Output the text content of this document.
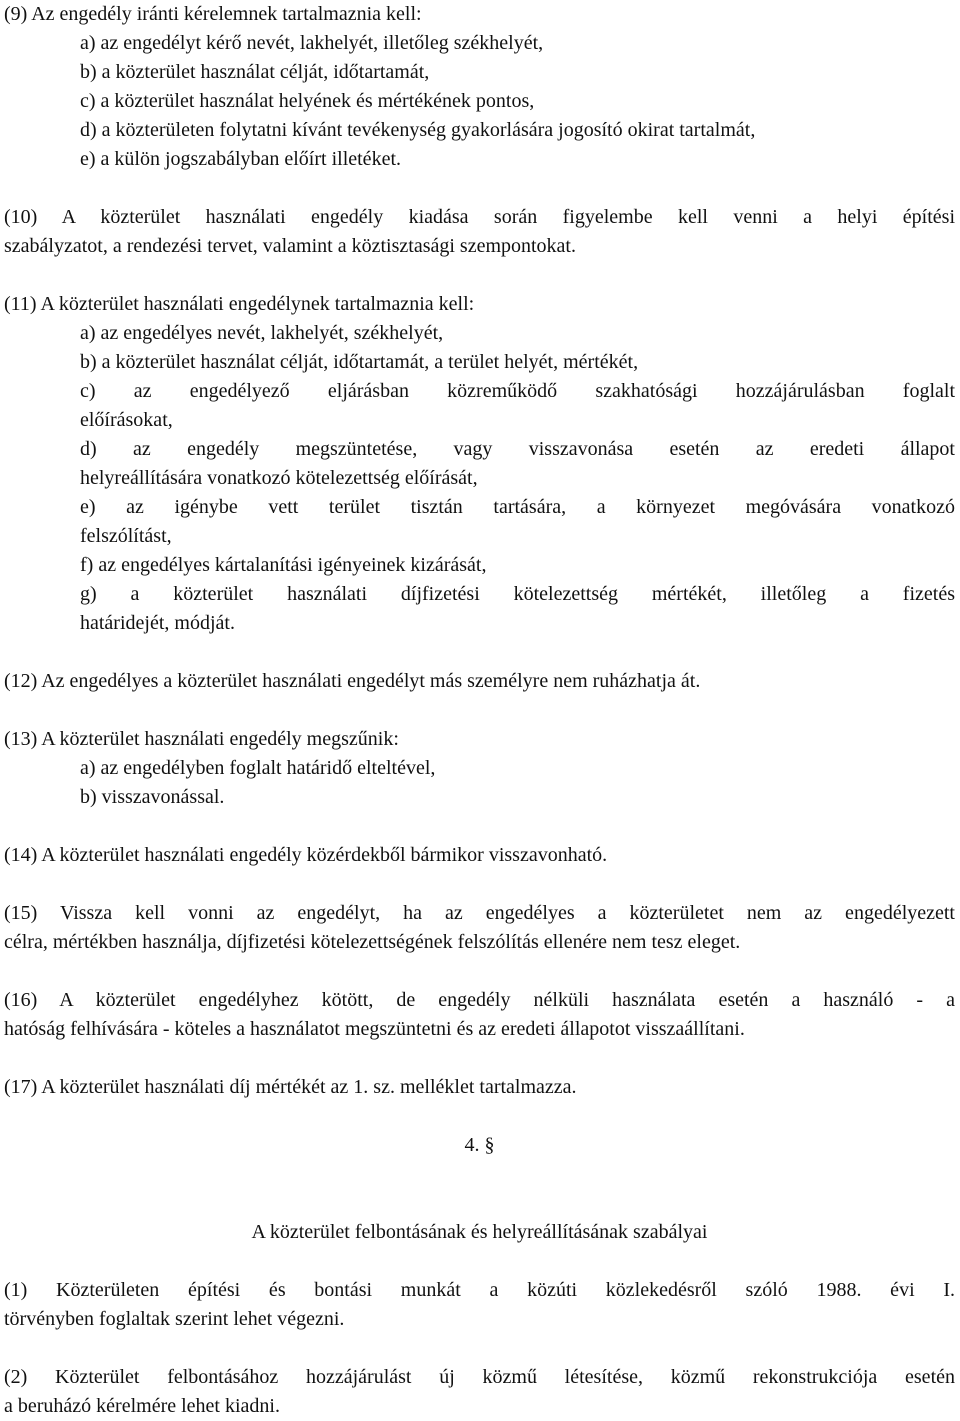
(9) Az engedély iránti kérelemnek tartalmaznia kell:
a) az engedélyt kérő nevét, lakhelyét, illetőleg székhelyét,
b) a közterület használat célját, időtartamát,
c) a közterület használat helyének és mértékének pontos,
d) a közterületen folytatni kívánt tevékenység gyakorlására jogosító okirat tartalmát,
e) a külön jogszabályban előírt illetéket.
(10) A közterület használati engedély kiadása során figyelembe kell venni a helyi építési
szabályzatot, a rendezési tervet, valamint a köztisztasági szempontokat.
(11) A közterület használati engedélynek tartalmaznia kell:
a) az engedélyes nevét, lakhelyét, székhelyét,
b) a közterület használat célját, időtartamát, a terület helyét, mértékét,
c) az engedélyező eljárásban közreműködő szakhatósági hozzájárulásban foglalt
előírásokat,
d) az engedély megszüntetése, vagy visszavonása esetén az eredeti állapot
helyreállítására vonatkozó kötelezettség előírását,
e) az igénybe vett terület tisztán tartására, a környezet megóvására vonatkozó
felszólítást,
f) az engedélyes kártalanítási igényeinek kizárását,
g) a közterület használati díjfizetési kötelezettség mértékét, illetőleg a fizetés
határidejét, módját.
(12) Az engedélyes a közterület használati engedélyt más személyre nem ruházhatja át.
(13) A közterület használati engedély megszűnik:
a) az engedélyben foglalt határidő elteltével,
b) visszavonással.
(14) A közterület használati engedély közérdekből bármikor visszavonható.
(15) Vissza kell vonni az engedélyt, ha az engedélyes a közterületet nem az engedélyezett
célra, mértékben használja, díjfizetési kötelezettségének felszólítás ellenére nem tesz eleget.
(16) A közterület engedélyhez kötött, de engedély nélküli használata esetén a használó - a
hatóság felhívására - köteles a használatot megszüntetni és az eredeti állapotot visszaállítani.
(17) A közterület használati díj mértékét az 1. sz. melléklet tartalmazza.
4. §
A közterület felbontásának és helyreállításának szabályai
(1) Közterületen építési és bontási munkát a közúti közlekedésről szóló 1988. évi I.
törvényben foglaltak szerint lehet végezni.
(2) Közterület felbontásához hozzájárulást új közmű létesítése, közmű rekonstrukciója esetén
a beruházó kérelmére lehet kiadni.
